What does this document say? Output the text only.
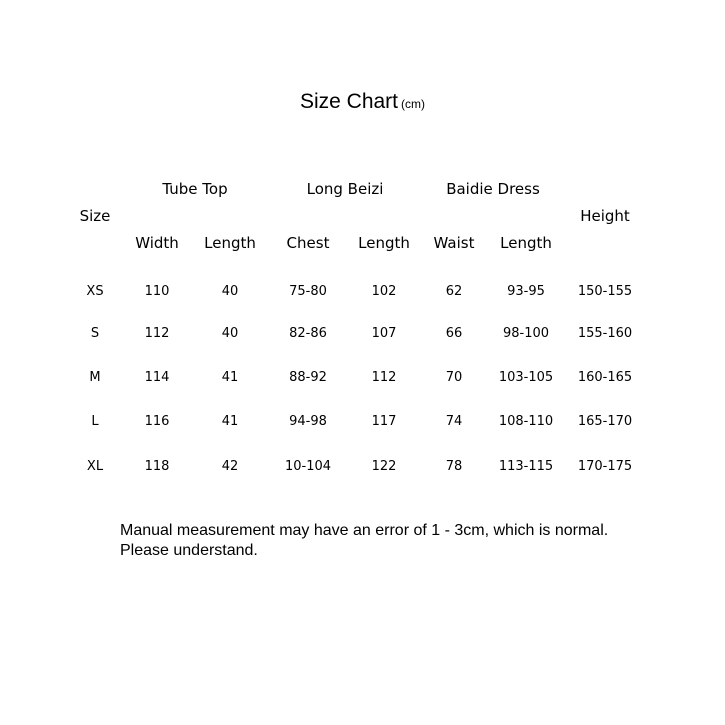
Size Chart (cm)
Tube Top	Long Beizi	Baidie Dress
Size	Height
Width Length Chest Length Waist Length
XS	110	40	75-80	102	62	93-95	150-155
S	112	40	82-86	107	66	98-100 155-160
M	114	41	88-92	112	70	103-105 160-165
L	116	41	94-98	117	74	108-110 165-170
XL	118	42	10-104	122	78	113-115 170-175
Manual measurement may have an error of 1 - 3cm, which is normal.
Please understand.
